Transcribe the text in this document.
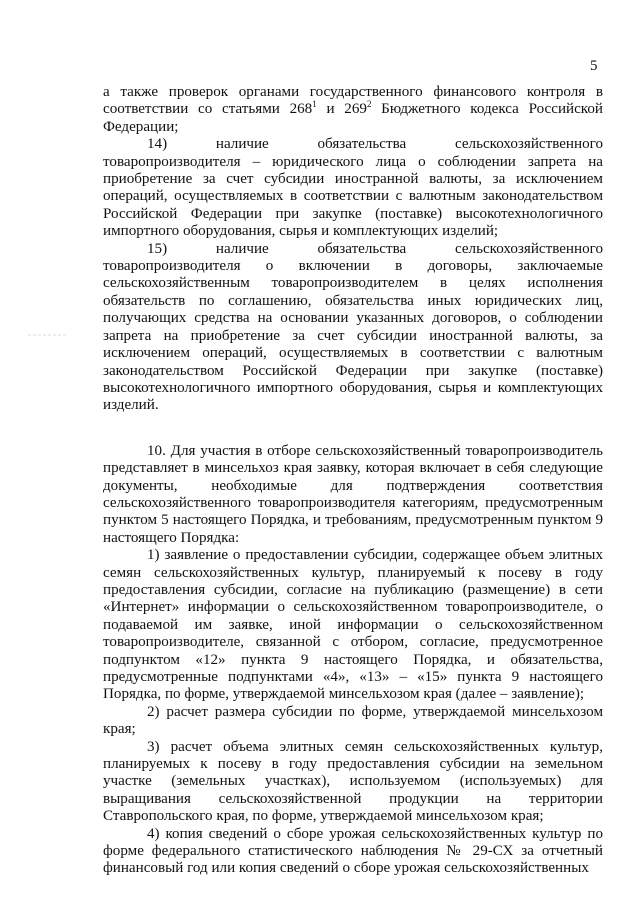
5

а также проверок органами государственного финансового контроля в соответствии со статьями $268^1$ и $269^2$ Бюджетного кодекса Российской Федерации;

14) наличие обязательства сельскохозяйственного товаропроизводителя – юридического лица о соблюдении запрета на приобретение за счет субсидии иностранной валюты, за исключением операций, осуществляемых в соответствии с валютным законодательством Российской Федерации при закупке (поставке) высокотехнологичного импортного оборудования, сырья и комплектующих изделий;

15) наличие обязательства сельскохозяйственного товаропроизводителя о включении в договоры, заключаемые сельскохозяйственным товаропроизводителем в целях исполнения обязательств по соглашению, обязательства иных юридических лиц, получающих средства на основании указанных договоров, о соблюдении запрета на приобретение за счет субсидии иностранной валюты, за исключением операций, осуществляемых в соответствии с валютным законодательством Российской Федерации при закупке (поставке) высокотехнологичного импортного оборудования, сырья и комплектующих изделий.

10. Для участия в отборе сельскохозяйственный товаропроизводитель представляет в минсельхоз края заявку, которая включает в себя следующие документы, необходимые для подтверждения соответствия сельскохозяйственного товаропроизводителя категориям, предусмотренным пунктом 5 настоящего Порядка, и требованиям, предусмотренным пунктом 9 настоящего Порядка:

1) заявление о предоставлении субсидии, содержащее объем элитных семян сельскохозяйственных культур, планируемый к посеву в году предоставления субсидии, согласие на публикацию (размещение) в сети «Интернет» информации о сельскохозяйственном товаропроизводителе, о подаваемой им заявке, иной информации о сельскохозяйственном товаропроизводителе, связанной с отбором, согласие, предусмотренное подпунктом «12» пункта 9 настоящего Порядка, и обязательства, предусмотренные подпунктами «4», «13» – «15» пункта 9 настоящего Порядка, по форме, утверждаемой минсельхозом края (далее – заявление);

2) расчет размера субсидии по форме, утверждаемой минсельхозом края;

3) расчет объема элитных семян сельскохозяйственных культур, планируемых к посеву в году предоставления субсидии на земельном участке (земельных участках), используемом (используемых) для выращивания сельскохозяйственной продукции на территории Ставропольского края, по форме, утверждаемой минсельхозом края;

4) копия сведений о сборе урожая сельскохозяйственных культур по форме федерального статистического наблюдения № 29-СХ за отчетный финансовый год или копия сведений о сборе урожая сельскохозяйственных
